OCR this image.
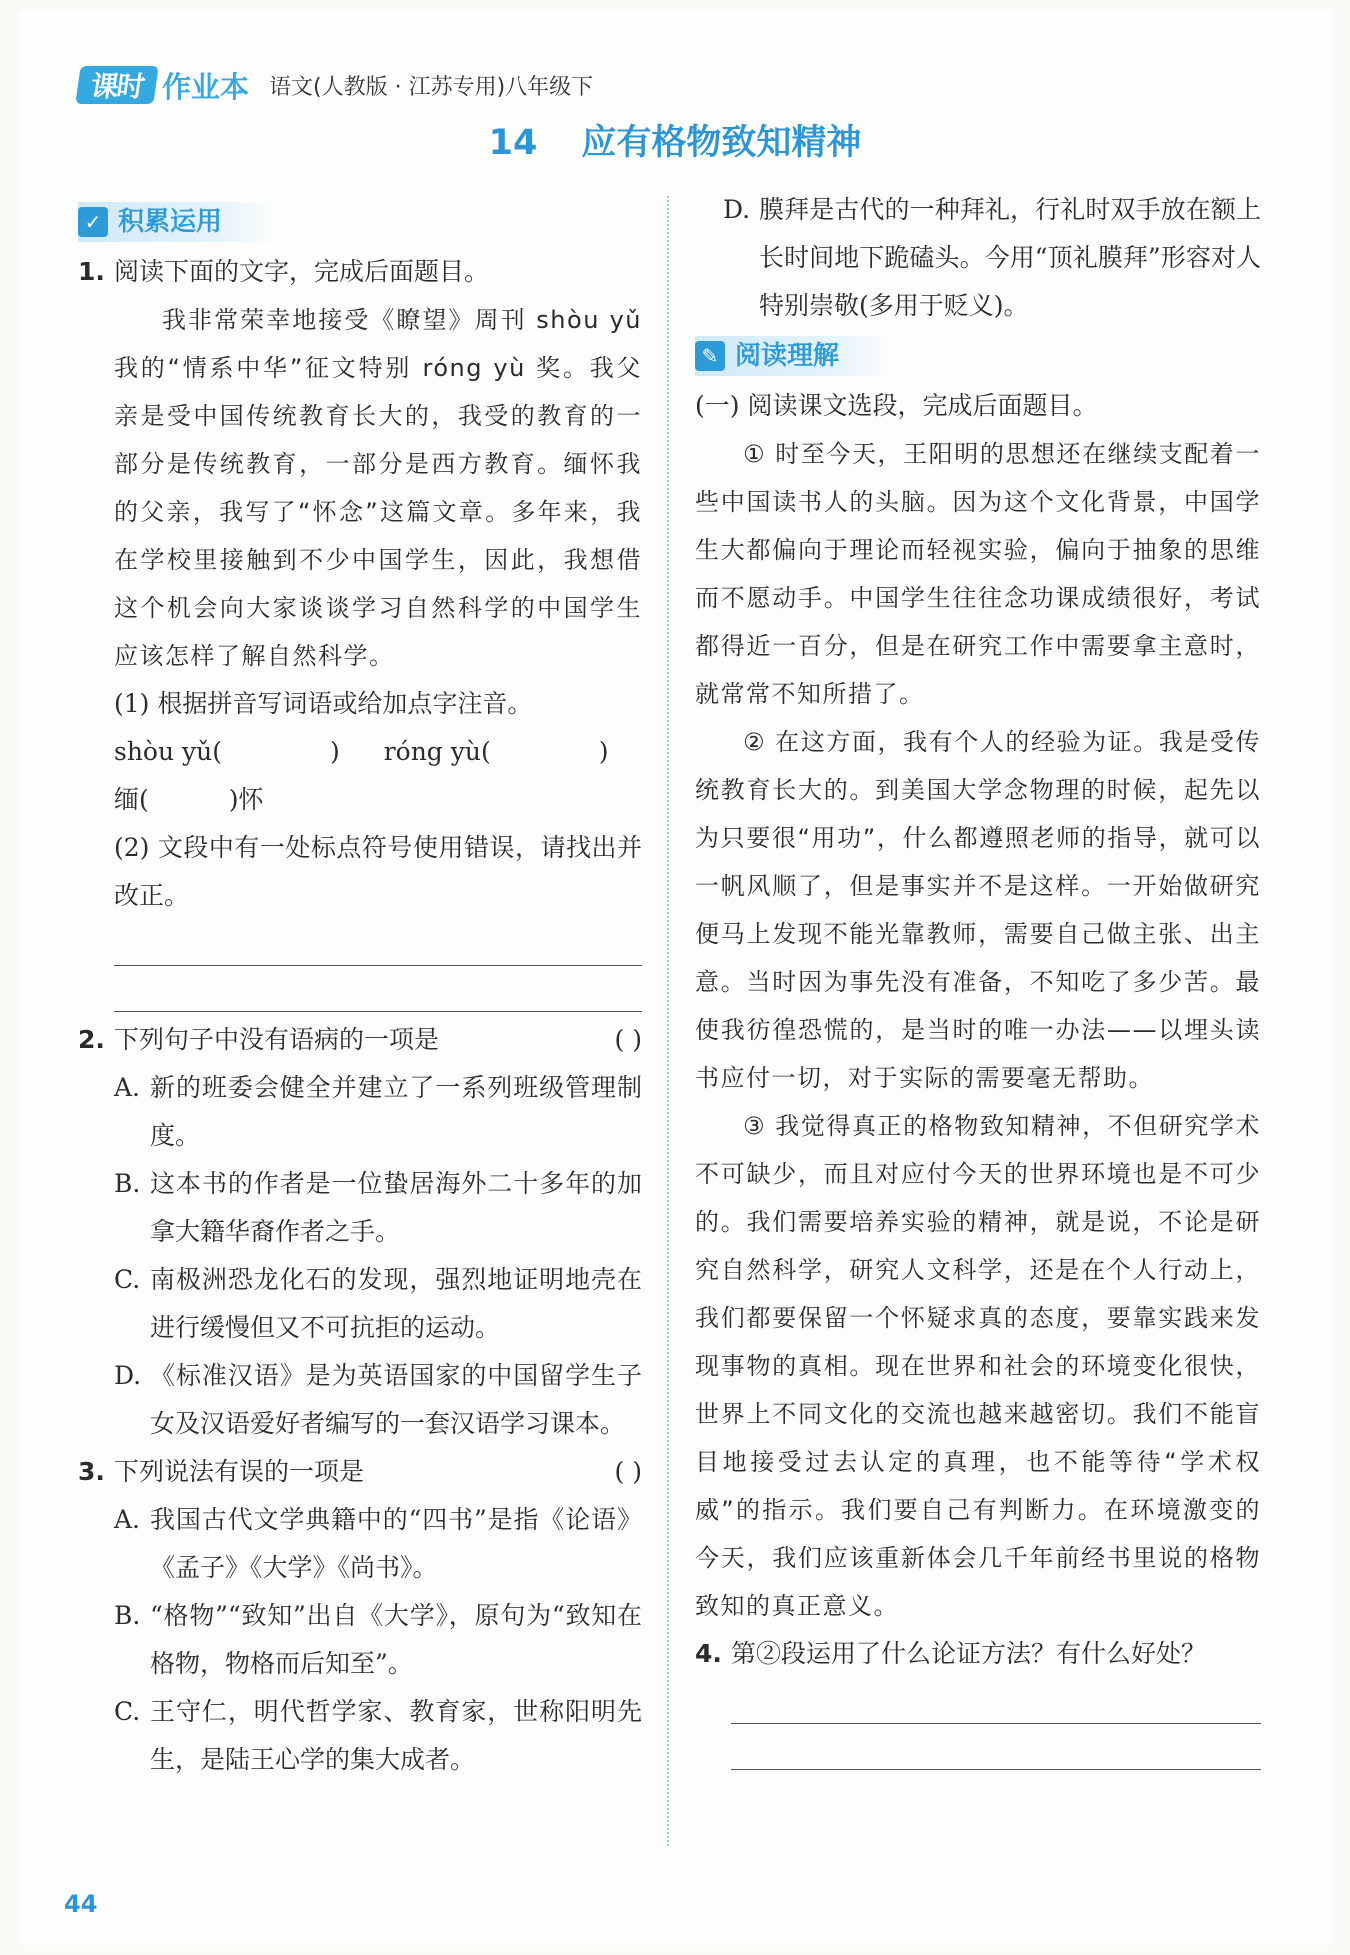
课时 作业本 语文(人教版 · 江苏专用)八年级下
14 应有格物致知精神
✓ 积累运用
1. 阅读下面的文字，完成后面题目。

我非常荣幸地接受《瞭望》周刊 shòu yǔ 我的“情系中华”征文特别 róng yù 奖。我父亲是受中国传统教育长大的，我受的教育的一部分是传统教育，一部分是西方教育。缅怀我的父亲，我写了“怀念”这篇文章。多年来，我在学校里接触到不少中国学生，因此，我想借这个机会向大家谈谈学习自然科学的中国学生应该怎样了解自然科学。

(1) 根据拼音写词语或给加点字注音。

shòu yǔ(	) róng yù(	)

缅(	)怀

(2) 文段中有一处标点符号使用错误，请找出并改正。

2. 下列句子中没有语病的一项是	( )
A. 新的班委会健全并建立了一系列班级管理制度。
B. 这本书的作者是一位蛰居海外二十多年的加拿大籍华裔作者之手。
C. 南极洲恐龙化石的发现，强烈地证明地壳在进行缓慢但又不可抗拒的运动。
D. 《标准汉语》是为英语国家的中国留学生子女及汉语爱好者编写的一套汉语学习课本。
3. 下列说法有误的一项是	( )
A. 我国古代文学典籍中的“四书”是指《论语》《孟子》《大学》《尚书》。
B. “格物”“致知”出自《大学》，原句为“致知在格物，物格而后知至”。
C. 王守仁，明代哲学家、教育家，世称阳明先生，是陆王心学的集大成者。
D. 膜拜是古代的一种拜礼，行礼时双手放在额上长时间地下跪磕头。今用“顶礼膜拜”形容对人特别崇敬(多用于贬义)。
✎ 阅读理解

(一) 阅读课文选段，完成后面题目。

① 时至今天，王阳明的思想还在继续支配着一些中国读书人的头脑。因为这个文化背景，中国学生大都偏向于理论而轻视实验，偏向于抽象的思维而不愿动手。中国学生往往念功课成绩很好，考试都得近一百分，但是在研究工作中需要拿主意时，就常常不知所措了。

② 在这方面，我有个人的经验为证。我是受传统教育长大的。到美国大学念物理的时候，起先以为只要很“用功”，什么都遵照老师的指导，就可以一帆风顺了，但是事实并不是这样。一开始做研究便马上发现不能光靠教师，需要自己做主张、出主意。当时因为事先没有准备，不知吃了多少苦。最使我彷徨恐慌的，是当时的唯一办法——以埋头读书应付一切，对于实际的需要毫无帮助。

③ 我觉得真正的格物致知精神，不但研究学术不可缺少，而且对应付今天的世界环境也是不可少的。我们需要培养实验的精神，就是说，不论是研究自然科学，研究人文科学，还是在个人行动上，我们都要保留一个怀疑求真的态度，要靠实践来发现事物的真相。现在世界和社会的环境变化很快，世界上不同文化的交流也越来越密切。我们不能盲目地接受过去认定的真理，也不能等待“学术权威”的指示。我们要自己有判断力。在环境激变的今天，我们应该重新体会几千年前经书里说的格物致知的真正意义。

4. 第②段运用了什么论证方法？有什么好处？

44
